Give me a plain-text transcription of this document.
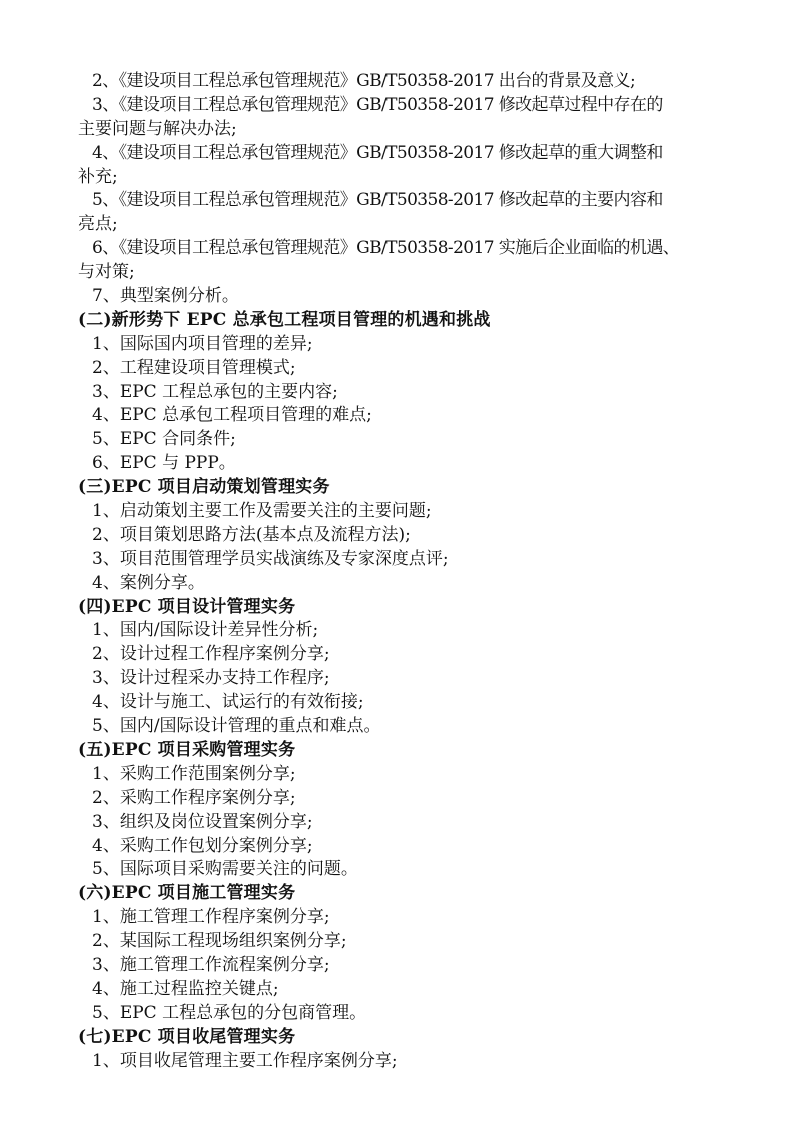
2、《建设项目工程总承包管理规范》GB/T50358-2017 出台的背景及意义;
3、《建设项目工程总承包管理规范》GB/T50358-2017 修改起草过程中存在的
主要问题与解决办法;
4、《建设项目工程总承包管理规范》GB/T50358-2017 修改起草的重大调整和
补充;
5、《建设项目工程总承包管理规范》GB/T50358-2017 修改起草的主要内容和
亮点;
6、《建设项目工程总承包管理规范》GB/T50358-2017 实施后企业面临的机遇、
与对策;
7、典型案例分析。
(二)新形势下 EPC 总承包工程项目管理的机遇和挑战
1、国际国内项目管理的差异;
2、工程建设项目管理模式;
3、EPC 工程总承包的主要内容;
4、EPC 总承包工程项目管理的难点;
5、EPC 合同条件;
6、EPC 与 PPP。
(三)EPC 项目启动策划管理实务
1、启动策划主要工作及需要关注的主要问题;
2、项目策划思路方法(基本点及流程方法);
3、项目范围管理学员实战演练及专家深度点评;
4、案例分享。
(四)EPC 项目设计管理实务
1、国内/国际设计差异性分析;
2、设计过程工作程序案例分享;
3、设计过程采办支持工作程序;
4、设计与施工、试运行的有效衔接;
5、国内/国际设计管理的重点和难点。
(五)EPC 项目采购管理实务
1、采购工作范围案例分享;
2、采购工作程序案例分享;
3、组织及岗位设置案例分享;
4、采购工作包划分案例分享;
5、国际项目采购需要关注的问题。
(六)EPC 项目施工管理实务
1、施工管理工作程序案例分享;
2、某国际工程现场组织案例分享;
3、施工管理工作流程案例分享;
4、施工过程监控关键点;
5、EPC 工程总承包的分包商管理。
(七)EPC 项目收尾管理实务
1、项目收尾管理主要工作程序案例分享;
